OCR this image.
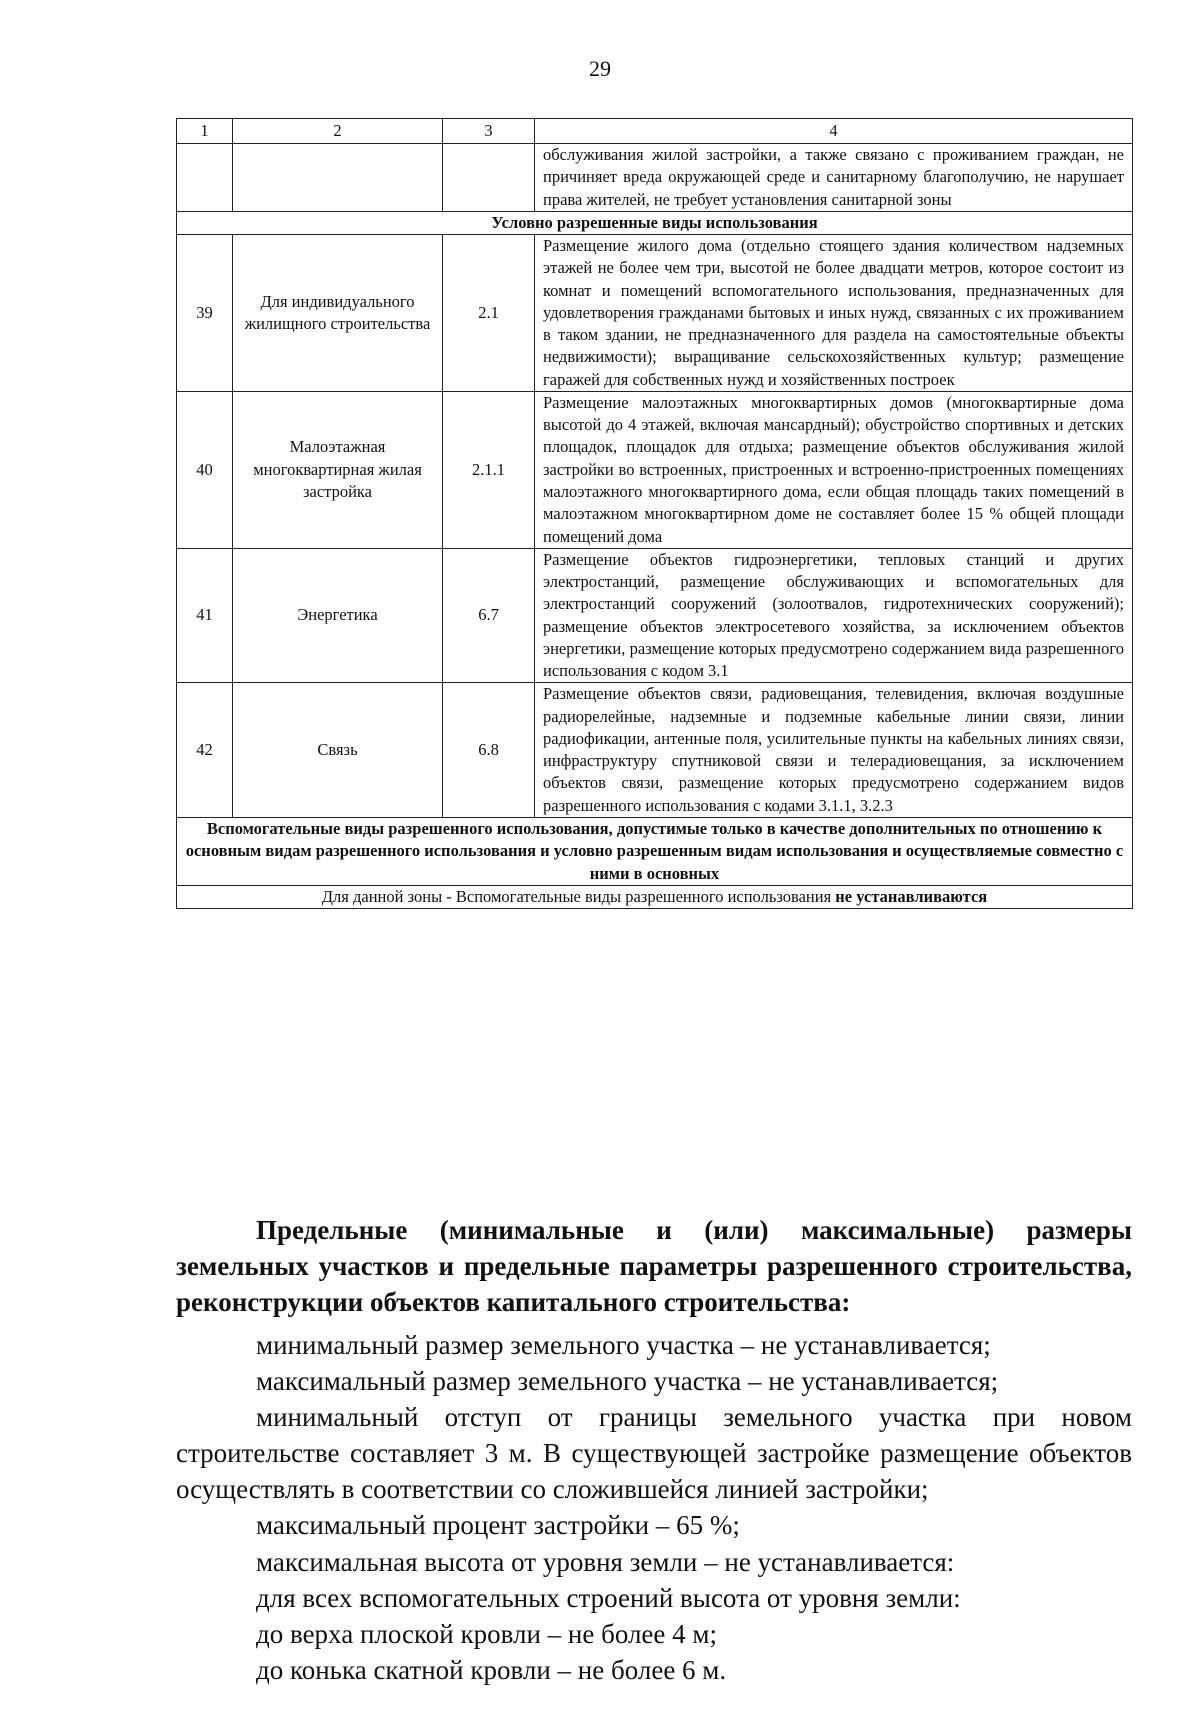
29
1	2	3	4
			обслуживания жилой застройки, а также связано с проживанием граждан, не причиняет вреда окружающей среде и санитарному благополучию, не нарушает права жителей, не требует установления санитарной зоны
Условно разрешенные виды использования			
39	Для индивидуального жилищного строительства	2.1	Размещение жилого дома (отдельно стоящего здания количеством надземных этажей не более чем три, высотой не более двадцати метров, которое состоит из комнат и помещений вспомогательного использования, предназначенных для удовлетворения гражданами бытовых и иных нужд, связанных с их проживанием в таком здании, не предназначенного для раздела на самостоятельные объекты недвижимости); выращивание сельскохозяйственных культур; размещение гаражей для собственных нужд и хозяйственных построек
40	Малоэтажная многоквартирная жилая застройка	2.1.1	Размещение малоэтажных многоквартирных домов (многоквартирные дома высотой до 4 этажей, включая мансардный); обустройство спортивных и детских площадок, площадок для отдыха; размещение объектов обслуживания жилой застройки во встроенных, пристроенных и встроенно-пристроенных помещениях малоэтажного многоквартирного дома, если общая площадь таких помещений в малоэтажном многоквартирном доме не составляет более 15 % общей площади помещений дома
41	Энергетика	6.7	Размещение объектов гидроэнергетики, тепловых станций и других электростанций, размещение обслуживающих и вспомогательных для электростанций сооружений (золоотвалов, гидротехнических сооружений); размещение объектов электросетевого хозяйства, за исключением объектов энергетики, размещение которых предусмотрено содержанием вида разрешенного использования с кодом 3.1
42	Связь	6.8	Размещение объектов связи, радиовещания, телевидения, включая воздушные радиорелейные, надземные и подземные кабельные линии связи, линии радиофикации, антенные поля, усилительные пункты на кабельных линиях связи, инфраструктуру спутниковой связи и телерадиовещания, за исключением объектов связи, размещение которых предусмотрено содержанием видов разрешенного использования с кодами 3.1.1, 3.2.3
Вспомогательные виды разрешенного использования, допустимые только в качестве дополнительных по отношению к основным видам разрешенного использования и условно разрешенным видам использования и осуществляемые совместно с ними в основных			
Для данной зоны - Вспомогательные виды разрешенного использования не устанавливаются			

Предельные (минимальные и (или) максимальные) размеры земельных участков и предельные параметры разрешенного строительства, реконструкции объектов капитального строительства:

минимальный размер земельного участка – не устанавливается;

максимальный размер земельного участка – не устанавливается;

минимальный отступ от границы земельного участка при новом строительстве составляет 3 м. В существующей застройке размещение объектов осуществлять в соответствии со сложившейся линией застройки;

максимальный процент застройки – 65 %;

максимальная высота от уровня земли – не устанавливается:

для всех вспомогательных строений высота от уровня земли:

до верха плоской кровли – не более 4 м;

до конька скатной кровли – не более 6 м.
